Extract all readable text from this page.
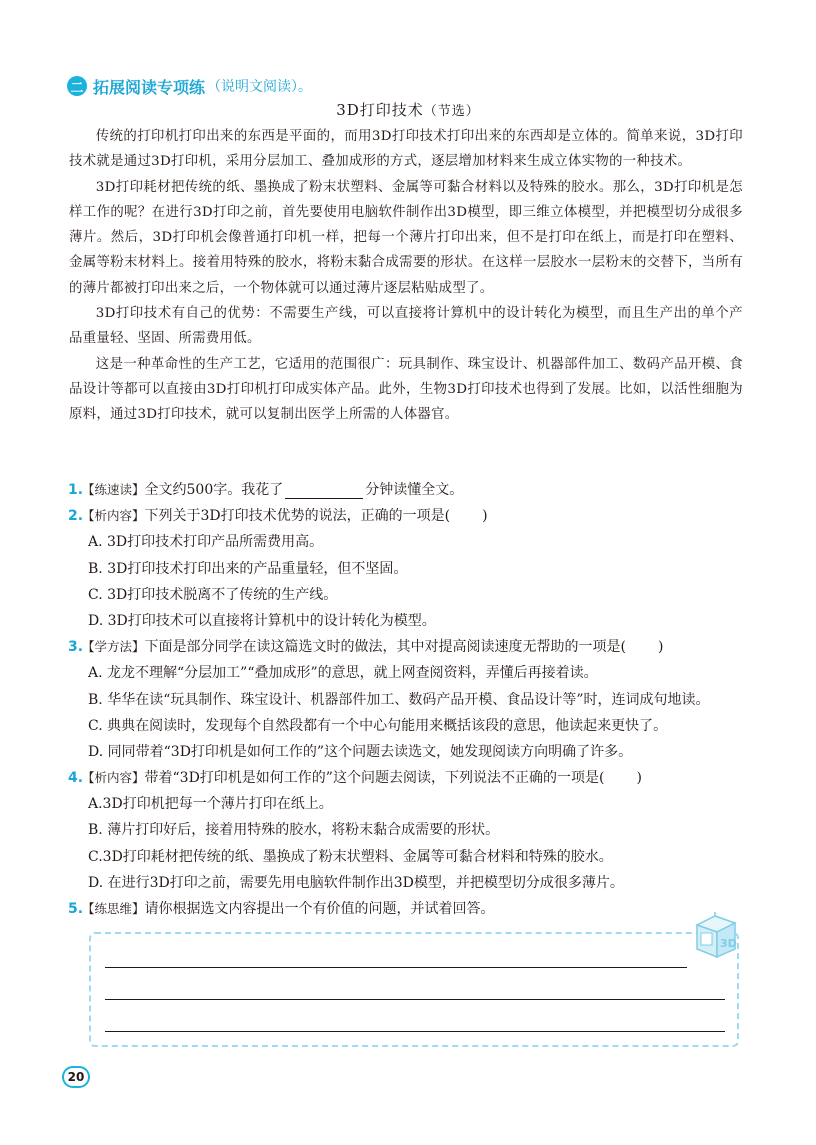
二 拓展阅读专项练 （说明文阅读）。
3D打印技术（节选）

传统的打印机打印出来的东西是平面的，而用3D打印技术打印出来的东西却是立体的。简单来说，3D打印技术就是通过3D打印机，采用分层加工、叠加成形的方式，逐层增加材料来生成立体实物的一种技术。

3D打印耗材把传统的纸、墨换成了粉末状塑料、金属等可黏合材料以及特殊的胶水。那么，3D打印机是怎样工作的呢？在进行3D打印之前，首先要使用电脑软件制作出3D模型，即三维立体模型，并把模型切分成很多薄片。然后，3D打印机会像普通打印机一样，把每一个薄片打印出来，但不是打印在纸上，而是打印在塑料、金属等粉末材料上。接着用特殊的胶水，将粉末黏合成需要的形状。在这样一层胶水一层粉末的交替下，当所有的薄片都被打印出来之后，一个物体就可以通过薄片逐层粘贴成型了。

3D打印技术有自己的优势：不需要生产线，可以直接将计算机中的设计转化为模型，而且生产出的单个产品重量轻、坚固、所需费用低。

这是一种革命性的生产工艺，它适用的范围很广：玩具制作、珠宝设计、机器部件加工、数码产品开模、食品设计等都可以直接由3D打印机打印成实体产品。此外，生物3D打印技术也得到了发展。比如，以活性细胞为原料，通过3D打印技术，就可以复制出医学上所需的人体器官。

1.
【练速读】 全文约500字。我花了	分钟读懂全文。
2.
【析内容】 下列关于3D打印技术优势的说法，正确的一项是( )
A. 3D打印技术打印产品所需费用高。
B. 3D打印技术打印出来的产品重量轻，但不坚固。
C. 3D打印技术脱离不了传统的生产线。
D. 3D打印技术可以直接将计算机中的设计转化为模型。
3.
【学方法】 下面是部分同学在读这篇选文时的做法，其中对提高阅读速度无帮助的一项是( )
A. 龙龙不理解“分层加工”“叠加成形”的意思，就上网查阅资料，弄懂后再接着读。
B. 华华在读“玩具制作、珠宝设计、机器部件加工、数码产品开模、食品设计等”时，连词成句地读。
C. 典典在阅读时，发现每个自然段都有一个中心句能用来概括该段的意思，他读起来更快了。
D. 同同带着“3D打印机是如何工作的”这个问题去读选文，她发现阅读方向明确了许多。
4.
【析内容】 带着“3D打印机是如何工作的”这个问题去阅读，下列说法不正确的一项是( )
A.3D打印机把每一个薄片打印在纸上。
B. 薄片打印好后，接着用特殊的胶水，将粉末黏合成需要的形状。
C.3D打印耗材把传统的纸、墨换成了粉末状塑料、金属等可黏合材料和特殊的胶水。
D. 在进行3D打印之前，需要先用电脑软件制作出3D模型，并把模型切分成很多薄片。
5.
【练思维】 请你根据选文内容提出一个有价值的问题，并试着回答。
3D
20
